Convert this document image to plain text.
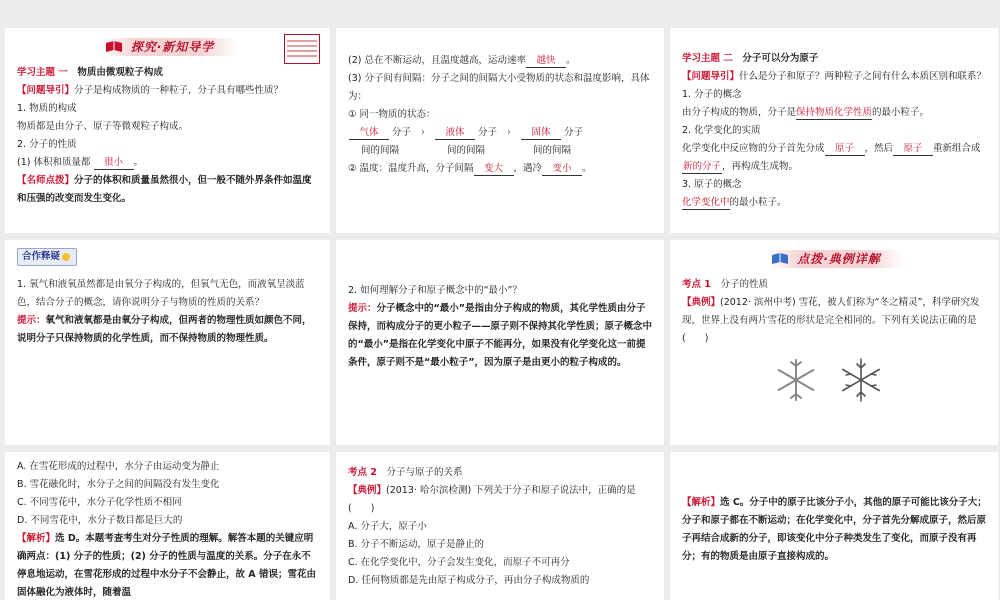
探究·新知导学
学习主题 一　 物质由微观粒子构成
【问题导引】分子是构成物质的一种粒子，分子具有哪些性质？
1. 物质的构成
物质都是由分子、原子等微观粒子构成。
2. 分子的性质
(1) 体积和质量都 很小 。
【名师点拨】分子的体积和质量虽然很小，但一般不随外界条件如温度和压强的改变而发生变化。
(2) 总在不断运动，且温度越高，运动速率 越快 。
(3) 分子间有间隔：分子之间的间隔大小受物质的状态和温度影响，具体为：
① 同一物质的状态：
气体 分子	›	液体 分子	›	固体 分子
间的间隔	间的间隔	间的间隔
② 温度：温度升高，分子间隔 变大 ，遇冷 变小 。
学习主题 二　 分子可以分为原子
【问题导引】什么是分子和原子？两种粒子之间有什么本质区别和联系？
1. 分子的概念
由分子构成的物质，分子是保持物质化学性质的最小粒子。
2. 化学变化的实质
化学变化中反应物的分子首先分成 原子 ，然后 原子 重新组合成新的分子，再构成生成物。
3. 原子的概念
化学变化中的最小粒子。
合作释疑
1. 氧气和液氧虽然都是由氧分子构成的，但氧气无色，而液氧呈淡蓝色，结合分子的概念，请你说明分子与物质的性质的关系？
提示：氧气和液氧都是由氧分子构成，但两者的物理性质如颜色不同，说明分子只保持物质的化学性质，而不保持物质的物理性质。
2. 如何理解分子和原子概念中的“最小”？
提示：分子概念中的“最小”是指由分子构成的物质，其化学性质由分子保持，而构成分子的更小粒子——原子则不保持其化学性质；原子概念中的“最小”是指在化学变化中原子不能再分，如果没有化学变化这一前提条件，原子则不是“最小粒子”，因为原子是由更小的粒子构成的。
点拨·典例详解
考点 1　 分子的性质
【典例】(2012· 滨州中考) 雪花，被人们称为“冬之精灵”，科学研究发现，世界上没有两片雪花的形状是完全相同的。下列有关说法正确的是 (　　)

A. 在雪花形成的过程中，水分子由运动变为静止
B. 雪花融化时，水分子之间的间隔没有发生变化
C. 不同雪花中，水分子化学性质不相同
D. 不同雪花中，水分子数目都是巨大的
【解析】选 D。本题考查考生对分子性质的理解。解答本题的关键应明确两点：(1) 分子的性质；(2) 分子的性质与温度的关系。分子在永不停息地运动，在雪花形成的过程中水分子不会静止，故 A 错误；雪花由固体融化为液体时，随着温
考点 2　 分子与原子的关系
【典例】(2013· 哈尔滨检测) 下列关于分子和原子说法中，正确的是 (　　)
A. 分子大，原子小
B. 分子不断运动，原子是静止的
C. 在化学变化中，分子会发生变化，而原子不可再分
D. 任何物质都是先由原子构成分子，再由分子构成物质的
【解析】选 C。分子中的原子比该分子小，其他的原子可能比该分子大；分子和原子都在不断运动；在化学变化中，分子首先分解成原子，然后原子再结合成新的分子，即该变化中分子种类发生了变化，而原子没有再分；有的物质是由原子直接构成的。
